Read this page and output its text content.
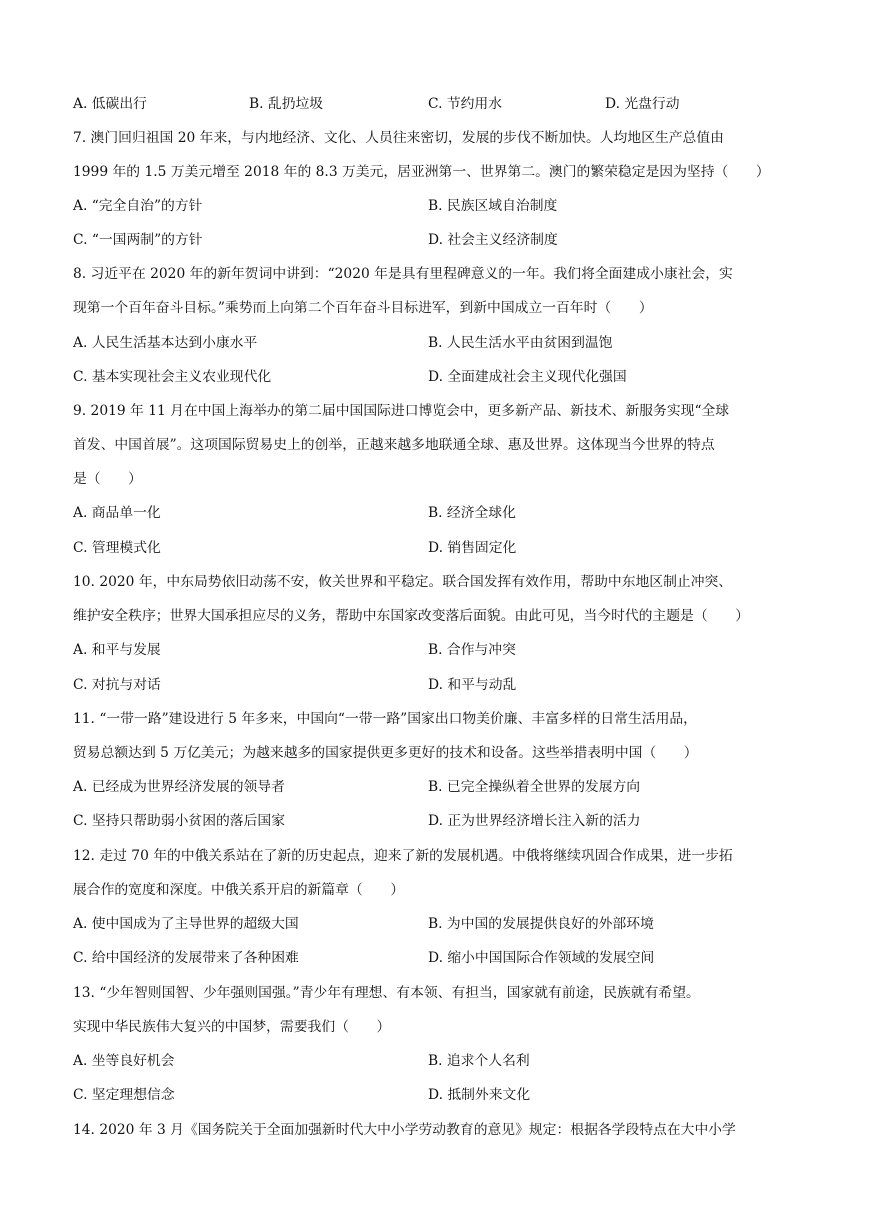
A. 低碳出行	B. 乱扔垃圾	C. 节约用水	D. 光盘行动
7. 澳门回归祖国 20 年来，与内地经济、文化、人员往来密切，发展的步伐不断加快。人均地区生产总值由
1999 年的 1.5 万美元增至 2018 年的 8.3 万美元，居亚洲第一、世界第二。澳门的繁荣稳定是因为坚持（　　）
A. “完全自治”的方针	B. 民族区域自治制度
C. “一国两制”的方针	D. 社会主义经济制度
8. 习近平在 2020 年的新年贺词中讲到：“2020 年是具有里程碑意义的一年。我们将全面建成小康社会，实
现第一个百年奋斗目标。”乘势而上向第二个百年奋斗目标进军，到新中国成立一百年时（　　）
A. 人民生活基本达到小康水平	B. 人民生活水平由贫困到温饱
C. 基本实现社会主义农业现代化	D. 全面建成社会主义现代化强国
9. 2019 年 11 月在中国上海举办的第二届中国国际进口博览会中，更多新产品、新技术、新服务实现“全球
首发、中国首展”。这项国际贸易史上的创举，正越来越多地联通全球、惠及世界。这体现当今世界的特点
是（　　）
A. 商品单一化	B. 经济全球化
C. 管理模式化	D. 销售固定化
10. 2020 年，中东局势依旧动荡不安，攸关世界和平稳定。联合国发挥有效作用，帮助中东地区制止冲突、
维护安全秩序；世界大国承担应尽的义务，帮助中东国家改变落后面貌。由此可见，当今时代的主题是（　　）
A. 和平与发展	B. 合作与冲突
C. 对抗与对话	D. 和平与动乱
11. “一带一路”建设进行 5 年多来，中国向“一带一路”国家出口物美价廉、丰富多样的日常生活用品，
贸易总额达到 5 万亿美元；为越来越多的国家提供更多更好的技术和设备。这些举措表明中国（　　）
A. 已经成为世界经济发展的领导者	B. 已完全操纵着全世界的发展方向
C. 坚持只帮助弱小贫困的落后国家	D. 正为世界经济增长注入新的活力
12. 走过 70 年的中俄关系站在了新的历史起点，迎来了新的发展机遇。中俄将继续巩固合作成果，进一步拓
展合作的宽度和深度。中俄关系开启的新篇章（　　）
A. 使中国成为了主导世界的超级大国	B. 为中国的发展提供良好的外部环境
C. 给中国经济的发展带来了各种困难	D. 缩小中国国际合作领域的发展空间
13. “少年智则国智、少年强则国强。”青少年有理想、有本领、有担当，国家就有前途，民族就有希望。
实现中华民族伟大复兴的中国梦，需要我们（　　）
A. 坐等良好机会	B. 追求个人名利
C. 坚定理想信念	D. 抵制外来文化
14. 2020 年 3 月《国务院关于全面加强新时代大中小学劳动教育的意见》规定：根据各学段特点在大中小学
